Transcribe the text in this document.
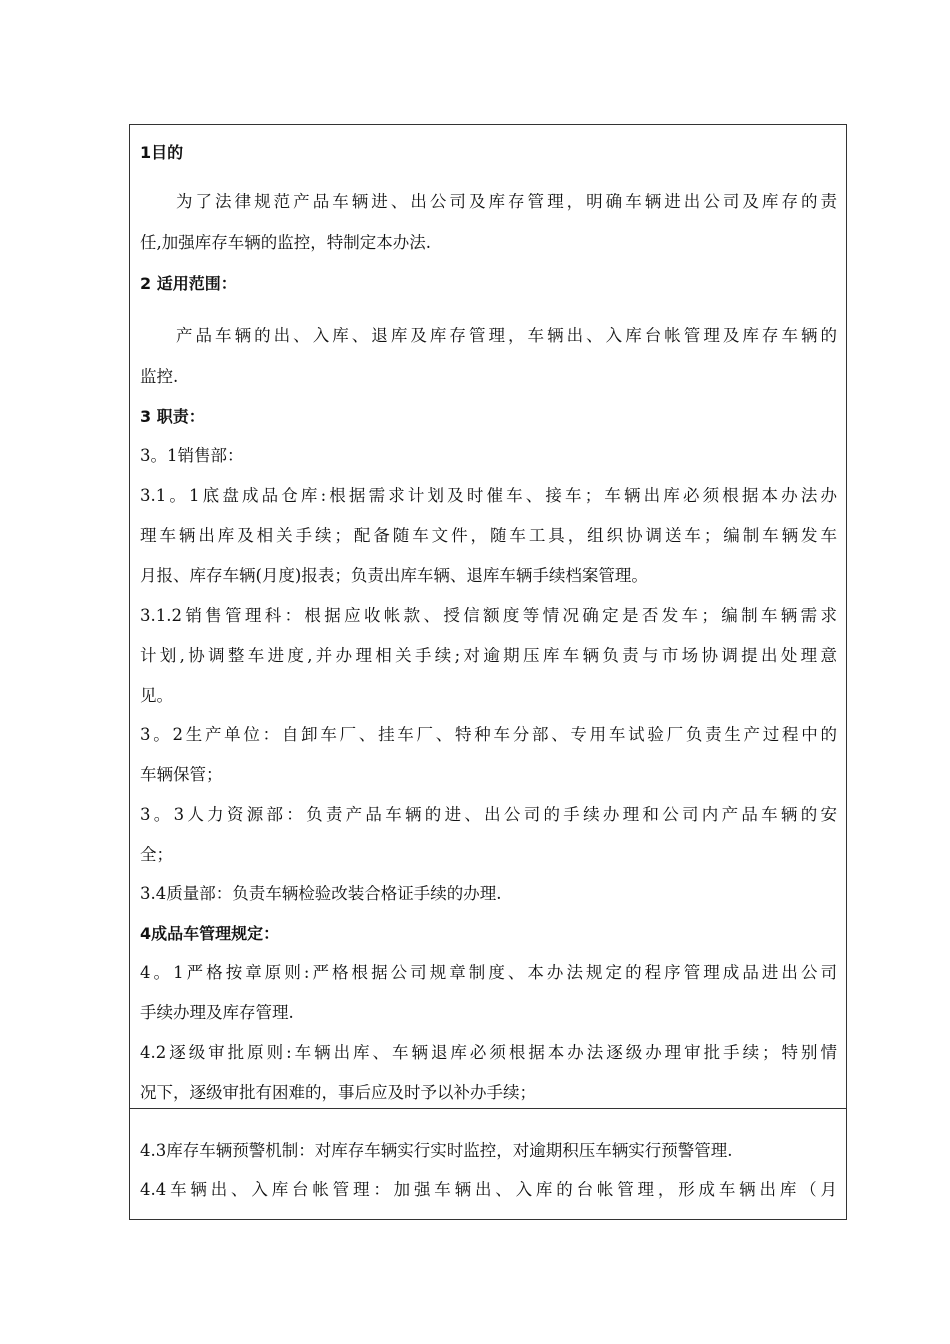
1目的
为了法律规范产品车辆进、出公司及库存管理，明确车辆进出公司及库存的责
任,加强库存车辆的监控，特制定本办法.
2 适用范围：
产品车辆的出、入库、退库及库存管理，车辆出、入库台帐管理及库存车辆的
监控.
3 职责：
3。1销售部：
3.1。1底盘成品仓库:根据需求计划及时催车、接车；车辆出库必须根据本办法办
理车辆出库及相关手续；配备随车文件，随车工具，组织协调送车；编制车辆发车
月报、库存车辆(月度)报表；负责出库车辆、退库车辆手续档案管理。
3.1.2销售管理科：根据应收帐款、授信额度等情况确定是否发车；编制车辆需求
计划,协调整车进度,并办理相关手续;对逾期压库车辆负责与市场协调提出处理意
见。
3。2生产单位：自卸车厂、挂车厂、特种车分部、专用车试验厂负责生产过程中的
车辆保管；
3。3人力资源部：负责产品车辆的进、出公司的手续办理和公司内产品车辆的安
全；
3.4质量部：负责车辆检验改装合格证手续的办理.
4成品车管理规定：
4。1严格按章原则:严格根据公司规章制度、本办法规定的程序管理成品进出公司
手续办理及库存管理.
4.2逐级审批原则:车辆出库、车辆退库必须根据本办法逐级办理审批手续；特别情
况下，逐级审批有困难的，事后应及时予以补办手续；
4.3库存车辆预警机制：对库存车辆实行实时监控，对逾期积压车辆实行预警管理.
4.4车辆出、入库台帐管理：加强车辆出、入库的台帐管理，形成车辆出库（月
